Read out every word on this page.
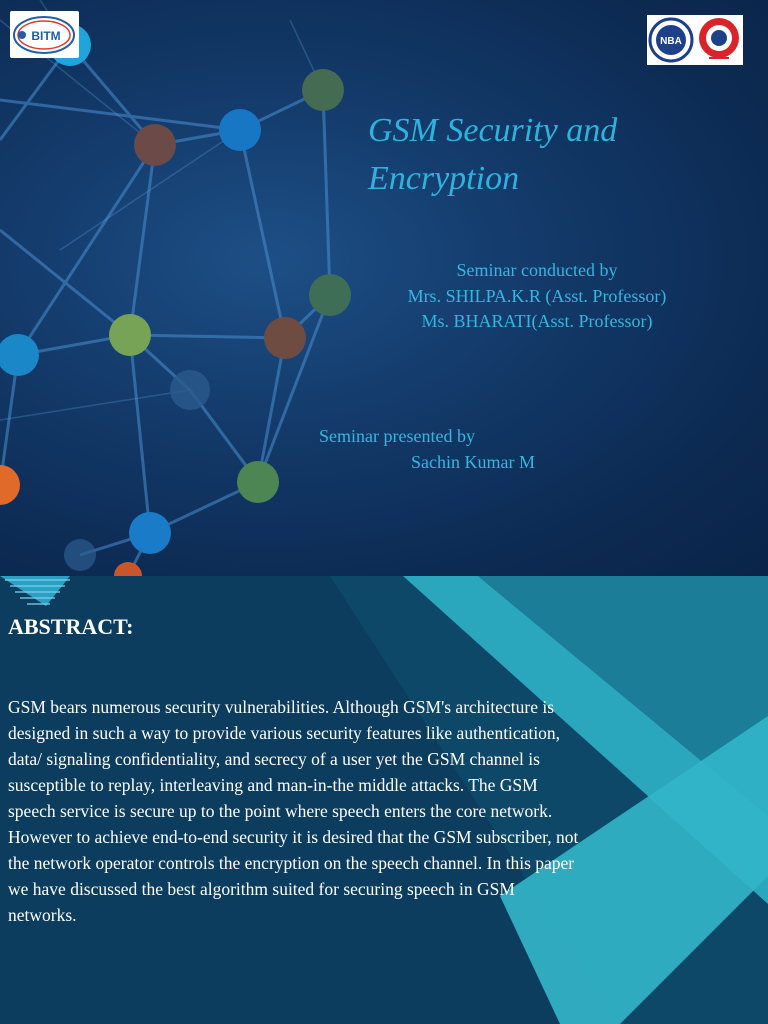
BITM	NBA
GSM Security and Encryption
Seminar conducted by
Mrs. SHILPA.K.R (Asst. Professor)
Ms. BHARATI(Asst. Professor)
Seminar presented by
Sachin Kumar M
ABSTRACT:

GSM bears numerous security vulnerabilities. Although GSM's architecture is designed in such a way to provide various security features like authentication, data/ signaling confidentiality, and secrecy of a user yet the GSM channel is susceptible to replay, interleaving and man-in-the middle attacks. The GSM speech service is secure up to the point where speech enters the core network. However to achieve end-to-end security it is desired that the GSM subscriber, not the network operator controls the encryption on the speech channel. In this paper we have discussed the best algorithm suited for securing speech in GSM networks.
